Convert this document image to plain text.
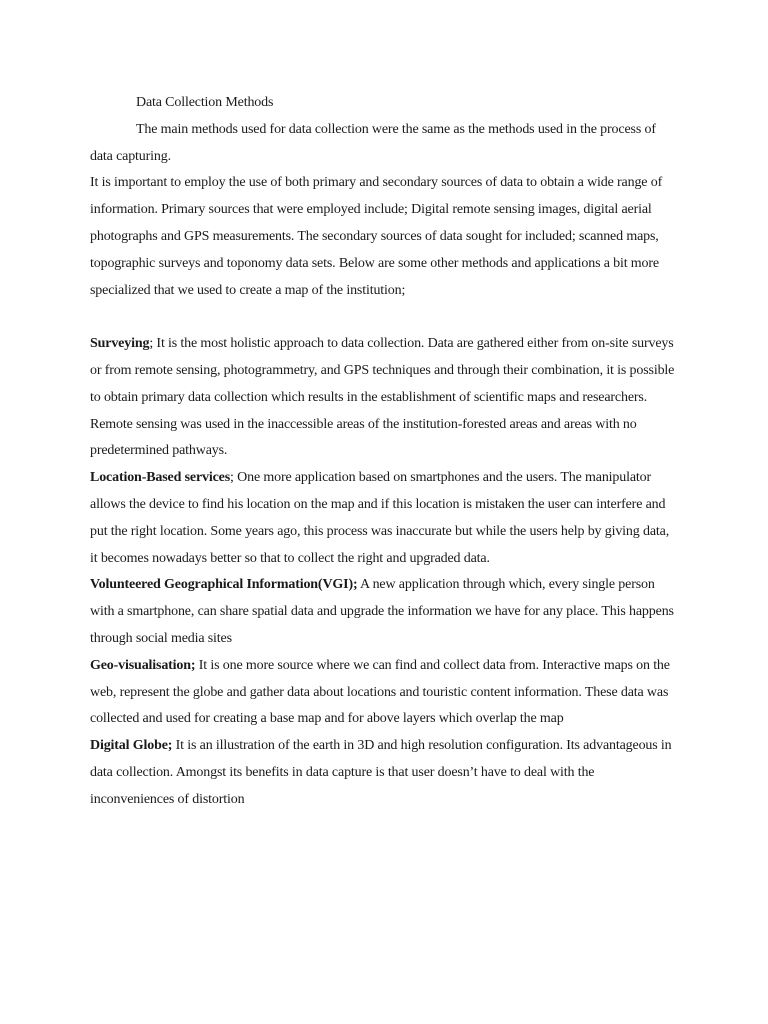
Data Collection Methods

The main methods used for data collection were the same as the methods used in the process of data capturing.

It is important to employ the use of both primary and secondary sources of data to obtain a wide range of information. Primary sources that were employed include; Digital remote sensing images, digital aerial photographs and GPS measurements. The secondary sources of data sought for included; scanned maps, topographic surveys and toponomy data sets. Below are some other methods and applications a bit more specialized that we used to create a map of the institution;

Surveying; It is the most holistic approach to data collection. Data are gathered either from on-site surveys or from remote sensing, photogrammetry, and GPS techniques and through their combination, it is possible to obtain primary data collection which results in the establishment of scientific maps and researchers. Remote sensing was used in the inaccessible areas of the institution-forested areas and areas with no predetermined pathways.

Location-Based services; One more application based on smartphones and the users. The manipulator allows the device to find his location on the map and if this location is mistaken the user can interfere and put the right location. Some years ago, this process was inaccurate but while the users help by giving data, it becomes nowadays better so that to collect the right and upgraded data.

Volunteered Geographical Information(VGI); A new application through which, every single person with a smartphone, can share spatial data and upgrade the information we have for any place. This happens through social media sites

Geo-visualisation; It is one more source where we can find and collect data from. Interactive maps on the web, represent the globe and gather data about locations and touristic content information. These data was collected and used for creating a base map and for above layers which overlap the map

Digital Globe; It is an illustration of the earth in 3D and high resolution configuration. Its advantageous in data collection. Amongst its benefits in data capture is that user doesn’t have to deal with the inconveniences of distortion
